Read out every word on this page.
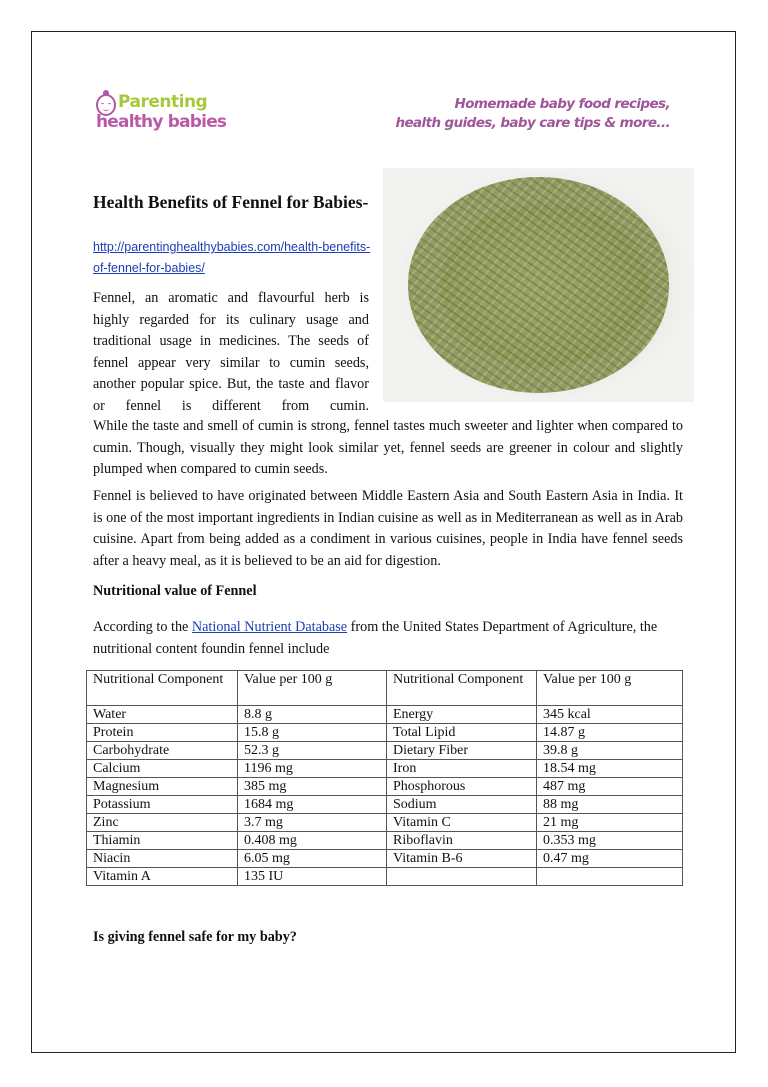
Parenting
healthy babies
Homemade baby food recipes,
health guides, baby care tips & more...
Health Benefits of Fennel for Babies-
http://parentinghealthybabies.com/health-benefits-of-fennel-for-babies/

Fennel, an aromatic and flavourful herb is highly regarded for its culinary usage and traditional usage in medicines. The seeds of fennel appear very similar to cumin seeds, another popular spice. But, the taste and flavor or fennel is different from cumin.

While the taste and smell of cumin is strong, fennel tastes much sweeter and lighter when compared to cumin. Though, visually they might look similar yet, fennel seeds are greener in colour and slightly plumped when compared to cumin seeds.

Fennel is believed to have originated between Middle Eastern Asia and South Eastern Asia in India. It is one of the most important ingredients in Indian cuisine as well as in Mediterranean as well as in Arab cuisine. Apart from being added as a condiment in various cuisines, people in India have fennel seeds after a heavy meal, as it is believed to be an aid for digestion.

Nutritional value of Fennel

According to the National Nutrient Database from the United States Department of Agriculture, the nutritional content foundin fennel include

Nutritional Component	Value per 100 g	Nutritional Component	Value per 100 g
Water	8.8 g	Energy	345 kcal
Protein	15.8 g	Total Lipid	14.87 g
Carbohydrate	52.3 g	Dietary Fiber	39.8 g
Calcium	1196 mg	Iron	18.54 mg
Magnesium	385 mg	Phosphorous	487 mg
Potassium	1684 mg	Sodium	88 mg
Zinc	3.7 mg	Vitamin C	21 mg
Thiamin	0.408 mg	Riboflavin	0.353 mg
Niacin	6.05 mg	Vitamin B-6	0.47 mg
Vitamin A	135 IU		
Is giving fennel safe for my baby?
